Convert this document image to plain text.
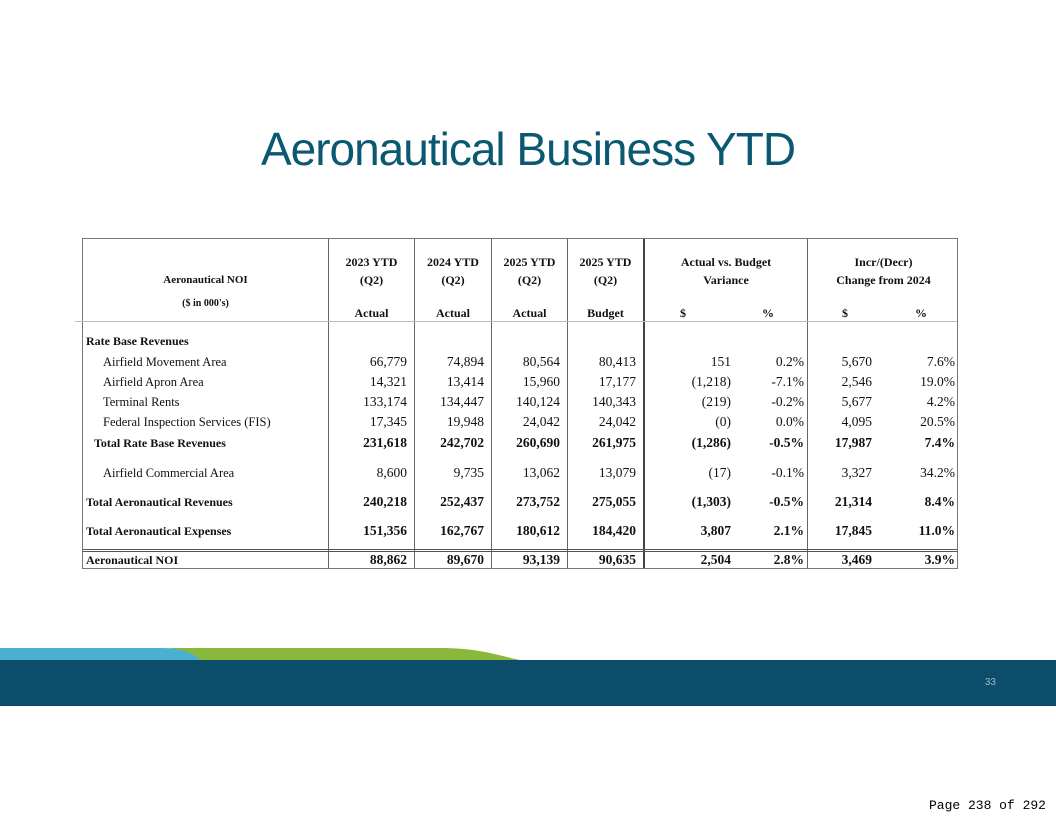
Aeronautical Business YTD
Aeronautical NOI
($ in 000's)
2023 YTD
(Q2)
Actual
2024 YTD
(Q2)
Actual
2025 YTD
(Q2)
Actual
2025 YTD
(Q2)
Budget
Actual vs. Budget
Variance
$	%
Incr/(Decr)
Change from 2024
$	%
Rate Base Revenues
Airfield Movement Area	66,779	74,894	80,564	80,413	151	0.2%	5,670	7.6%
Airfield Apron Area	14,321	13,414	15,960	17,177	(1,218)	-7.1%	2,546	19.0%
Terminal Rents	133,174 134,447 140,124 140,343	(219)	-0.2%	5,677	4.2%
Federal Inspection Services (FIS)	17,345	19,948	24,042	24,042	(0)	0.0%	4,095	20.5%
Total Rate Base Revenues	231,618 242,702 260,690 261,975	(1,286)	-0.5% 17,987	7.4%
Airfield Commercial Area	8,600	9,735	13,062	13,079	(17)	-0.1%	3,327	34.2%
Total Aeronautical Revenues	240,218 252,437 273,752 275,055	(1,303)	-0.5% 21,314	8.4%
Total Aeronautical Expenses	151,356 162,767 180,612 184,420	3,807	2.1% 17,845	11.0%
Aeronautical NOI	88,862	89,670	93,139	90,635	2,504	2.8%	3,469	3.9%
33
Page 238 of 292
